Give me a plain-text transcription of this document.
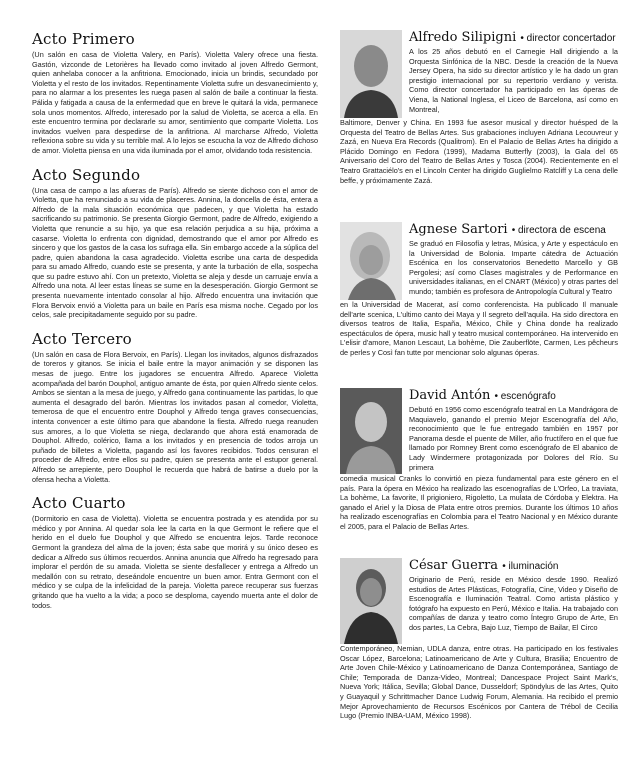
Acto Primero

(Un salón en casa de Violetta Valery, en París). Violetta Valery ofrece una fiesta. Gastón, vizconde de Letorières ha llevado como invitado al joven Alfredo Germont, quien anhelaba conocer a la anfitriona. Emocionado, inicia un brindis, secundado por Violetta y el resto de los invitados. Repentinamente Violetta sufre un desvanecimiento y, para no alarmar a los presentes les ruega pasen al salón de baile a continuar la fiesta. Pálida y fatigada a causa de la enfermedad que en breve le quitará la vida, permanece sola unos momentos. Alfredo, interesado por la salud de Violetta, se acerca a ella. En este encuentro termina por declararle su amor, sentimiento que comparte Violetta. Los invitados vuelven para despedirse de la anfitriona. Al marcharse Alfredo, Violetta reflexiona sobre su vida y su terrible mal. A lo lejos se escucha la voz de Alfredo dichoso de amor. Violetta piensa en una vida iluminada por el amor, olvidando toda resistencia.

Acto Segundo

(Una casa de campo a las afueras de París). Alfredo se siente dichoso con el amor de Violetta, que ha renunciado a su vida de placeres. Annina, la doncella de ésta, entera a Alfredo de la mala situación económica que padecen, y que Violetta ha estado sacrificando su patrimonio. Se presenta Giorgio Germont, padre de Alfredo, exigiendo a Violetta que renuncie a su hijo, ya que esa relación perjudica a su hija, próxima a casarse. Violetta lo enfrenta con dignidad, demostrando que el amor por Alfredo es sincero y que los gastos de la casa los sufraga ella. Sin embargo accede a la súplica del padre, quien abandona la casa agradecido. Violetta escribe una carta de despedida para su amado Alfredo, cuando este se presenta, y ante la turbación de ella, sospecha que su padre estuvo ahí. Con un pretexto, Violetta se aleja y desde un carruaje envía a Alfredo una nota. Al leer estas líneas se sume en la desesperación. Giorgio Germont se presenta nuevamente intentado consolar al hijo. Alfredo encuentra una invitación que Flora Bervoix envió a Violetta para un baile en París esa misma noche. Cegado por los celos, sale precipitadamente seguido por su padre.

Acto Tercero

(Un salón en casa de Flora Bervoix, en París). Llegan los invitados, algunos disfrazados de toreros y gitanos. Se inicia el baile entre la mayor animación y se disponen las mesas de juego. Entre los jugadores se encuentra Alfredo. Aparece Violetta acompañada del barón Douphol, antiguo amante de ésta, por quien Alfredo siente celos. Ambos se sientan a la mesa de juego, y Alfredo gana continuamente las partidas, lo que aumenta el desagrado del barón. Mientras los invitados pasan al comedor, Violetta, temerosa de que el encuentro entre Douphol y Alfredo tenga graves consecuencias, intenta convencer a este último para que abandone la fiesta. Alfredo ruega reanuden sus amores, a lo que Violetta se niega, declarando que ahora está enamorada de Douphol. Alfredo, colérico, llama a los invitados y en presencia de todos arroja un puñado de billetes a Violetta, pagando así los favores recibidos. Todos censuran el proceder de Alfredo, entre ellos su padre, quien se presenta ante el estupor general. Alfredo se arrepiente, pero Douphol le recuerda que habrá de batirse a duelo por la ofensa hecha a Violetta.

Acto Cuarto

(Dormitorio en casa de Violetta). Violetta se encuentra postrada y es atendida por su médico y por Annina. Al quedar sola lee la carta en la que Germont le refiere que el herido en el duelo fue Douphol y que Alfredo se encuentra lejos. Tarde reconoce Germont la grandeza del alma de la joven; ésta sabe que morirá y su único deseo es dedicar a Alfredo sus últimos recuerdos. Annina anuncia que Alfredo ha regresado para implorar el perdón de su amada. Violetta se siente desfallecer y entrega a Alfredo un medallón con su retrato, deseándole encuentre un buen amor. Entra Germont con el médico y se culpa de la infelicidad de la pareja. Violetta parece recuperar sus fuerzas gritando que ha vuelto a la vida; a poco se desploma, cayendo muerta ante el dolor de todos.

Alfredo Silipigni • director concertador

A los 25 años debutó en el Carnegie Hall dirigiendo a la Orquesta Sinfónica de la NBC. Desde la creación de la Nueva Jersey Opera, ha sido su director artístico y le ha dado un gran prestigio internacional por su repertorio verdiano y verista. Como director concertador ha participado en las óperas de Viena, la National Inglesa, el Liceo de Barcelona, así como en Montreal,

Baltimore, Denver y China. En 1993 fue asesor musical y director huésped de la Orquesta del Teatro de Bellas Artes. Sus grabaciones incluyen Adriana Lecouvreur y Zazá, en Nueva Era Records (Qualitrom). En el Palacio de Bellas Artes ha dirigido a Plácido Domingo en Fedora (1999), Madama Butterfly (2003), la Gala del 65 Aniversario del Coro del Teatro de Bellas Artes y Tosca (2004). Recientemente en el Teatro Grattaciélo's en el Lincoln Center ha dirigido Guglielmo Ratcliff y La cena delle beffe, y próximamente Zazá.

Agnese Sartori • directora de escena

Se graduó en Filosofía y letras, Música, y Arte y espectáculo en la Universidad de Bolonia. Imparte cátedra de Actuación Escénica en los conservatorios Benedetto Marcello y GB Pergolesi; así como Clases magistrales y de Performance en universidades italianas, en el CNART (México) y otras partes del mundo; también es profesora de Antropología Cultural y Teatro

en la Universidad de Macerat, así como conferencista. Ha publicado Il manuale dell'arte scenica, L'ultimo canto dei Maya y Il segreto dell'aquila. Ha sido directora en diversos teatros de Italia, España, México, Chile y China donde ha realizado espectáculos de ópera, music hall y teatro musical contemporáneo. Ha intervenido en L'elisir d'amore, Manon Lescaut, La bohème, Die Zauberflöte, Carmen, Les pêcheurs de perles y Così fan tutte por mencionar solo algunas óperas.

David Antón • escenógrafo

Debutó en 1956 como escenógrafo teatral en La Mandrágora de Maquiavelo, ganando el premio Mejor Escenografía del Año, reconocimiento que le fue entregado también en 1957 por Panorama desde el puente de Miller, año fructífero en el que fue llamado por Romney Brent como escenógrafo de El abanico de Lady Windermere protagonizada por Dolores del Río. Su primera

comedia musical Cranks lo convirtió en pieza fundamental para este género en el país. Para la ópera en México ha realizado las escenografías de L'Orfeo, La traviata, La bohème, La favorite, Il prigioniero, Rigoletto, La mulata de Córdoba y Elektra. Ha ganado el Ariel y la Diosa de Plata entre otros premios. Durante los últimos 10 años ha realizado escenografías en Colombia para el Teatro Nacional y en México durante el 2005, para el Palacio de Bellas Artes.

César Guerra • iluminación

Originario de Perú, reside en México desde 1990. Realizó estudios de Artes Plásticas, Fotografía, Cine, Video y Diseño de Escenografía e Iluminación Teatral. Como artista plástico y fotógrafo ha expuesto en Perú, México e Italia. Ha trabajado con compañías de danza y teatro como Íntegro Grupo de Arte, En dos partes, La Cebra, Bajo Luz, Tiempo de Bailar, El Circo

Contemporáneo, Nemian, UDLA danza, entre otras. Ha participado en los festivales Oscar López, Barcelona; Latinoamericano de Arte y Cultura, Brasilia; Encuentro de Arte Joven Chile-México y Latinoamericano de Danza Contemporánea, Santiago de Chile; Temporada de Danza-Video, Montreal; Dancespace Project Saint Mark's, Nueva York; Itálica, Sevilla; Global Dance, Dusseldorf; Spöndylus de las Artes, Quito y Guayaquil y Schrittmacher Dance Ludwig Forum, Alemania. Ha recibido el premio Mejor Aprovechamiento de Recursos Escénicos por Cantera de Trébol de Cecilia Lugo (Premio INBA-UAM, México 1998).
